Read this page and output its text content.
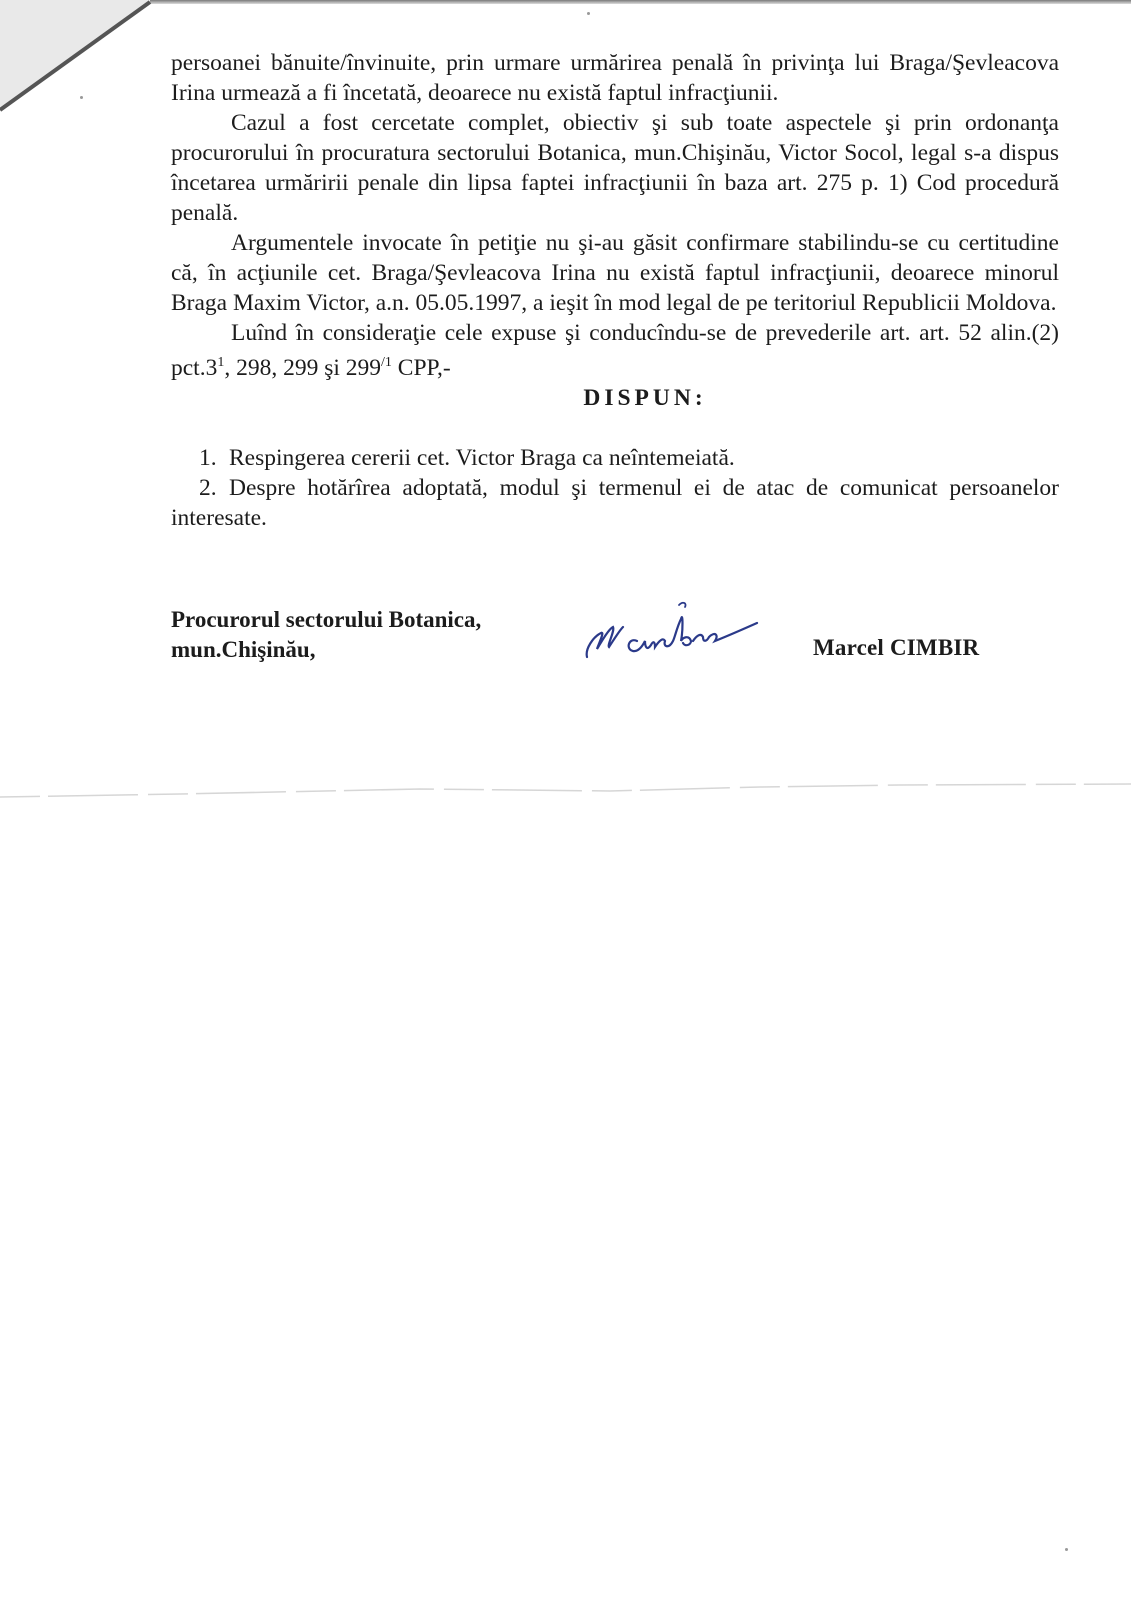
persoanei bănuite/învinuite, prin urmare urmărirea penală în privinţa lui Braga/Şevleacova Irina urmează a fi încetată, deoarece nu există faptul infracţiunii.

Cazul a fost cercetate complet, obiectiv şi sub toate aspectele şi prin ordonanţa procurorului în procuratura sectorului Botanica, mun.Chişinău, Victor Socol, legal s-a dispus încetarea urmăririi penale din lipsa faptei infracţiunii în baza art. 275 p. 1) Cod procedură penală.

Argumentele invocate în petiţie nu şi-au găsit confirmare stabilindu-se cu certitudine că, în acţiunile cet. Braga/Şevleacova Irina nu există faptul infracţiunii, deoarece minorul Braga Maxim Victor, a.n. 05.05.1997, a ieşit în mod legal de pe teritoriul Republicii Moldova.

Luînd în consideraţie cele expuse şi conducîndu-se de prevederile art. art. 52 alin.(2) $pct.3^1$, 298, 299 şi $299^{/1}$ CPP,-

DISPUN:

1. Respingerea cererii cet. Victor Braga ca neîntemeiată.

2. Despre hotărîrea adoptată, modul şi termenul ei de atac de comunicat persoanelor interesate.

Procurorul sectorului Botanica,
mun.Chişinău,	Marcel CIMBIR
